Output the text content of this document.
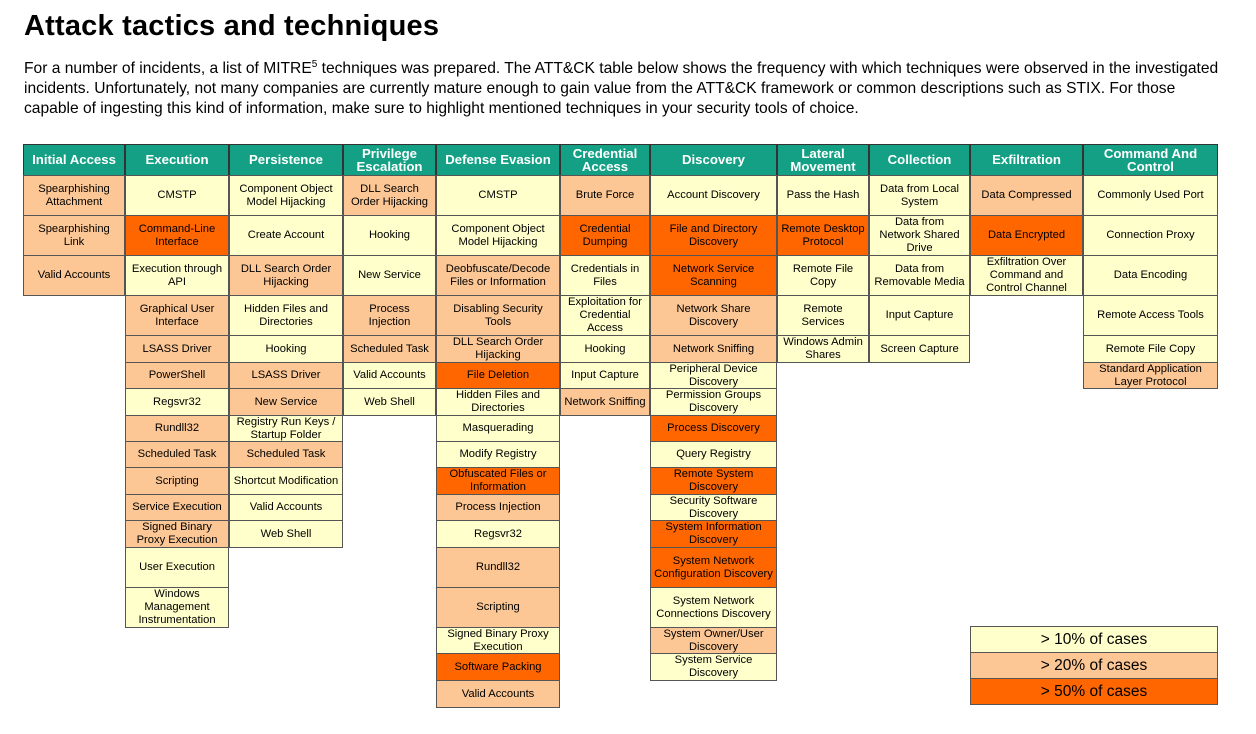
Attack tactics and techniques

For a number of incidents, a list of MITRE$^5$ techniques was prepared. The ATT&CK table below shows the frequency with which techniques were observed in the investigated incidents. Unfortunately, not many companies are currently mature enough to gain value from the ATT&CK framework or common descriptions such as STIX. For those capable of ingesting this kind of information, make sure to highlight mentioned techniques in your security tools of choice.

Initial Access
Spearphishing Attachment
Spearphishing Link
Valid Accounts
Execution
CMSTP
Command-Line Interface
Execution through API
Graphical User Interface
LSASS Driver
PowerShell
Regsvr32
Rundll32
Scheduled Task
Scripting
Service Execution
Signed Binary Proxy Execution
User Execution
Windows Management Instrumentation
Persistence
Component Object Model Hijacking
Create Account
DLL Search Order Hijacking
Hidden Files and Directories
Hooking
LSASS Driver
New Service
Registry Run Keys / Startup Folder
Scheduled Task
Shortcut Modification
Valid Accounts
Web Shell
Privilege Escalation
DLL Search Order Hijacking
Hooking
New Service
Process Injection
Scheduled Task
Valid Accounts
Web Shell
Defense Evasion
CMSTP
Component Object Model Hijacking
Deobfuscate/Decode Files or Information
Disabling Security Tools
DLL Search Order Hijacking
File Deletion
Hidden Files and Directories
Masquerading
Modify Registry
Obfuscated Files or Information
Process Injection
Regsvr32
Rundll32
Scripting
Signed Binary Proxy Execution
Software Packing
Valid Accounts
Credential Access
Brute Force
Credential Dumping
Credentials in Files
Exploitation for Credential Access
Hooking
Input Capture
Network Sniffing
Discovery
Account Discovery
File and Directory Discovery
Network Service Scanning
Network Share Discovery
Network Sniffing
Peripheral Device Discovery
Permission Groups Discovery
Process Discovery
Query Registry
Remote System Discovery
Security Software Discovery
System Information Discovery
System Network Configuration Discovery
System Network Connections Discovery
System Owner/User Discovery
System Service Discovery
Lateral Movement
Pass the Hash
Remote Desktop Protocol
Remote File Copy
Remote Services
Windows Admin Shares
Collection
Data from Local System
Data from Network Shared Drive
Data from Removable Media
Input Capture
Screen Capture
Exfiltration
Data Compressed
Data Encrypted
Exfiltration Over Command and Control Channel
Command And Control
Commonly Used Port
Connection Proxy
Data Encoding
Remote Access Tools
Remote File Copy
Standard Application Layer Protocol
> 10% of cases
> 20% of cases
> 50% of cases
